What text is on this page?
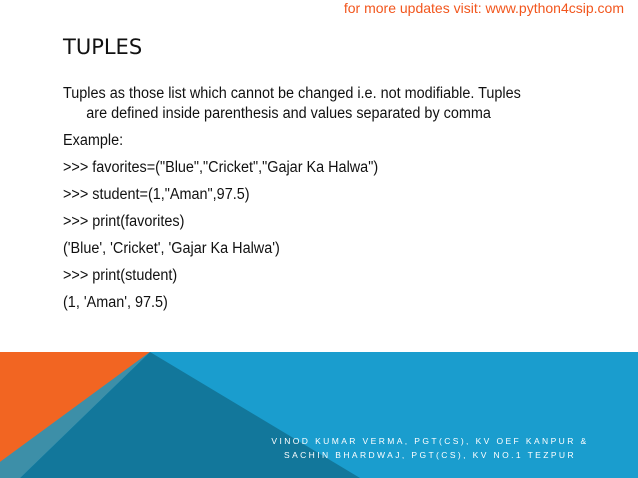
for more updates visit: www.python4csip.com
TUPLES

Tuples as those list which cannot be changed i.e. not modifiable. Tuples are defined inside parenthesis and values separated by comma

Example:

>>> favorites=("Blue","Cricket","Gajar Ka Halwa")

>>> student=(1,"Aman",97.5)

>>> print(favorites)

('Blue', 'Cricket', 'Gajar Ka Halwa')

>>> print(student)

(1, 'Aman', 97.5)

VINOD KUMAR VERMA, PGT(CS), KV OEF KANPUR &
SACHIN BHARDWAJ, PGT(CS), KV NO.1 TEZPUR
